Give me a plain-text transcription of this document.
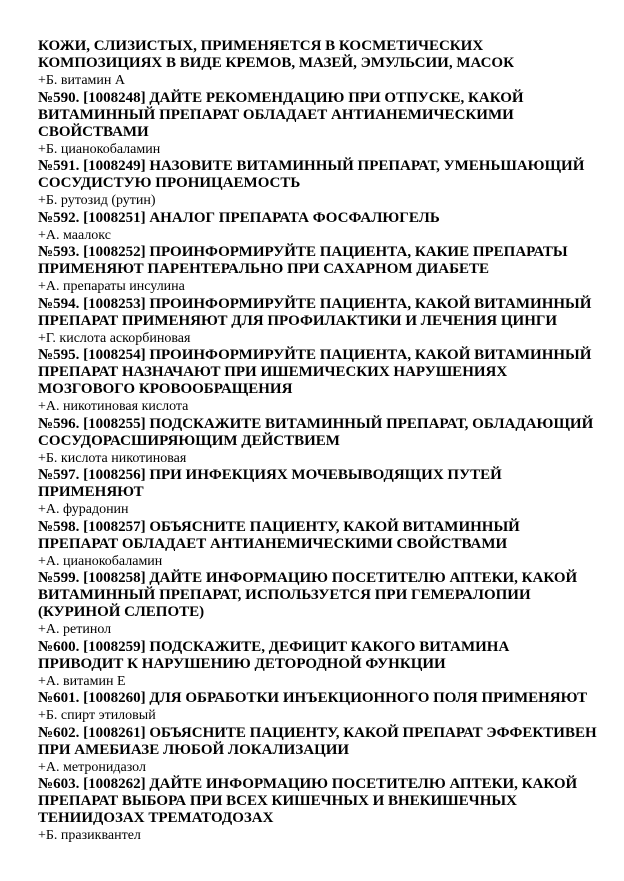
КОЖИ, СЛИЗИСТЫХ, ПРИМЕНЯЕТСЯ В КОСМЕТИЧЕСКИХ КОМПОЗИЦИЯХ В ВИДЕ КРЕМОВ, МАЗЕЙ, ЭМУЛЬСИИ, МАСОК

+Б. витамин А

№590. [1008248] ДАЙТЕ РЕКОМЕНДАЦИЮ ПРИ ОТПУСКЕ, КАКОЙ ВИТАМИННЫЙ ПРЕПАРАТ ОБЛАДАЕТ АНТИАНЕМИЧЕСКИМИ СВОЙСТВАМИ

+Б. цианокобаламин

№591. [1008249] НАЗОВИТЕ ВИТАМИННЫЙ ПРЕПАРАТ, УМЕНЬШАЮЩИЙ СОСУДИСТУЮ ПРОНИЦАЕМОСТЬ

+Б. рутозид (рутин)

№592. [1008251] АНАЛОГ ПРЕПАРАТА ФОСФАЛЮГЕЛЬ

+А. маалокс

№593. [1008252] ПРОИНФОРМИРУЙТЕ ПАЦИЕНТА, КАКИЕ ПРЕПАРАТЫ ПРИМЕНЯЮТ ПАРЕНТЕРАЛЬНО ПРИ САХАРНОМ ДИАБЕТЕ

+А. препараты инсулина

№594. [1008253] ПРОИНФОРМИРУЙТЕ ПАЦИЕНТА, КАКОЙ ВИТАМИННЫЙ ПРЕПАРАТ ПРИМЕНЯЮТ ДЛЯ ПРОФИЛАКТИКИ И ЛЕЧЕНИЯ ЦИНГИ

+Г. кислота аскорбиновая

№595. [1008254] ПРОИНФОРМИРУЙТЕ ПАЦИЕНТА, КАКОЙ ВИТАМИННЫЙ ПРЕПАРАТ НАЗНАЧАЮТ ПРИ ИШЕМИЧЕСКИХ НАРУШЕНИЯХ МОЗГОВОГО КРОВООБРАЩЕНИЯ

+А. никотиновая кислота

№596. [1008255] ПОДСКАЖИТЕ ВИТАМИННЫЙ ПРЕПАРАТ, ОБЛАДАЮЩИЙ СОСУДОРАСШИРЯЮЩИМ ДЕЙСТВИЕМ

+Б. кислота никотиновая

№597. [1008256] ПРИ ИНФЕКЦИЯХ МОЧЕВЫВОДЯЩИХ ПУТЕЙ ПРИМЕНЯЮТ

+А. фурадонин

№598. [1008257] ОБЪЯСНИТЕ ПАЦИЕНТУ, КАКОЙ ВИТАМИННЫЙ ПРЕПАРАТ ОБЛАДАЕТ АНТИАНЕМИЧЕСКИМИ СВОЙСТВАМИ

+А. цианокобаламин

№599. [1008258] ДАЙТЕ ИНФОРМАЦИЮ ПОСЕТИТЕЛЮ АПТЕКИ, КАКОЙ ВИТАМИННЫЙ ПРЕПАРАТ, ИСПОЛЬЗУЕТСЯ ПРИ ГЕМЕРАЛОПИИ (КУРИНОЙ СЛЕПОТЕ)

+А. ретинол

№600. [1008259] ПОДСКАЖИТЕ, ДЕФИЦИТ КАКОГО ВИТАМИНА ПРИВОДИТ К НАРУШЕНИЮ ДЕТОРОДНОЙ ФУНКЦИИ

+А. витамин Е

№601. [1008260] ДЛЯ ОБРАБОТКИ ИНЪЕКЦИОННОГО ПОЛЯ ПРИМЕНЯЮТ

+Б. спирт этиловый

№602. [1008261] ОБЪЯСНИТЕ ПАЦИЕНТУ, КАКОЙ ПРЕПАРАТ ЭФФЕКТИВЕН ПРИ АМЕБИАЗЕ ЛЮБОЙ ЛОКАЛИЗАЦИИ

+А. метронидазол

№603. [1008262] ДАЙТЕ ИНФОРМАЦИЮ ПОСЕТИТЕЛЮ АПТЕКИ, КАКОЙ ПРЕПАРАТ ВЫБОРА ПРИ ВСЕХ КИШЕЧНЫХ И ВНЕКИШЕЧНЫХ ТЕНИИДОЗАХ ТРЕМАТОДОЗАХ

+Б. празиквантел
